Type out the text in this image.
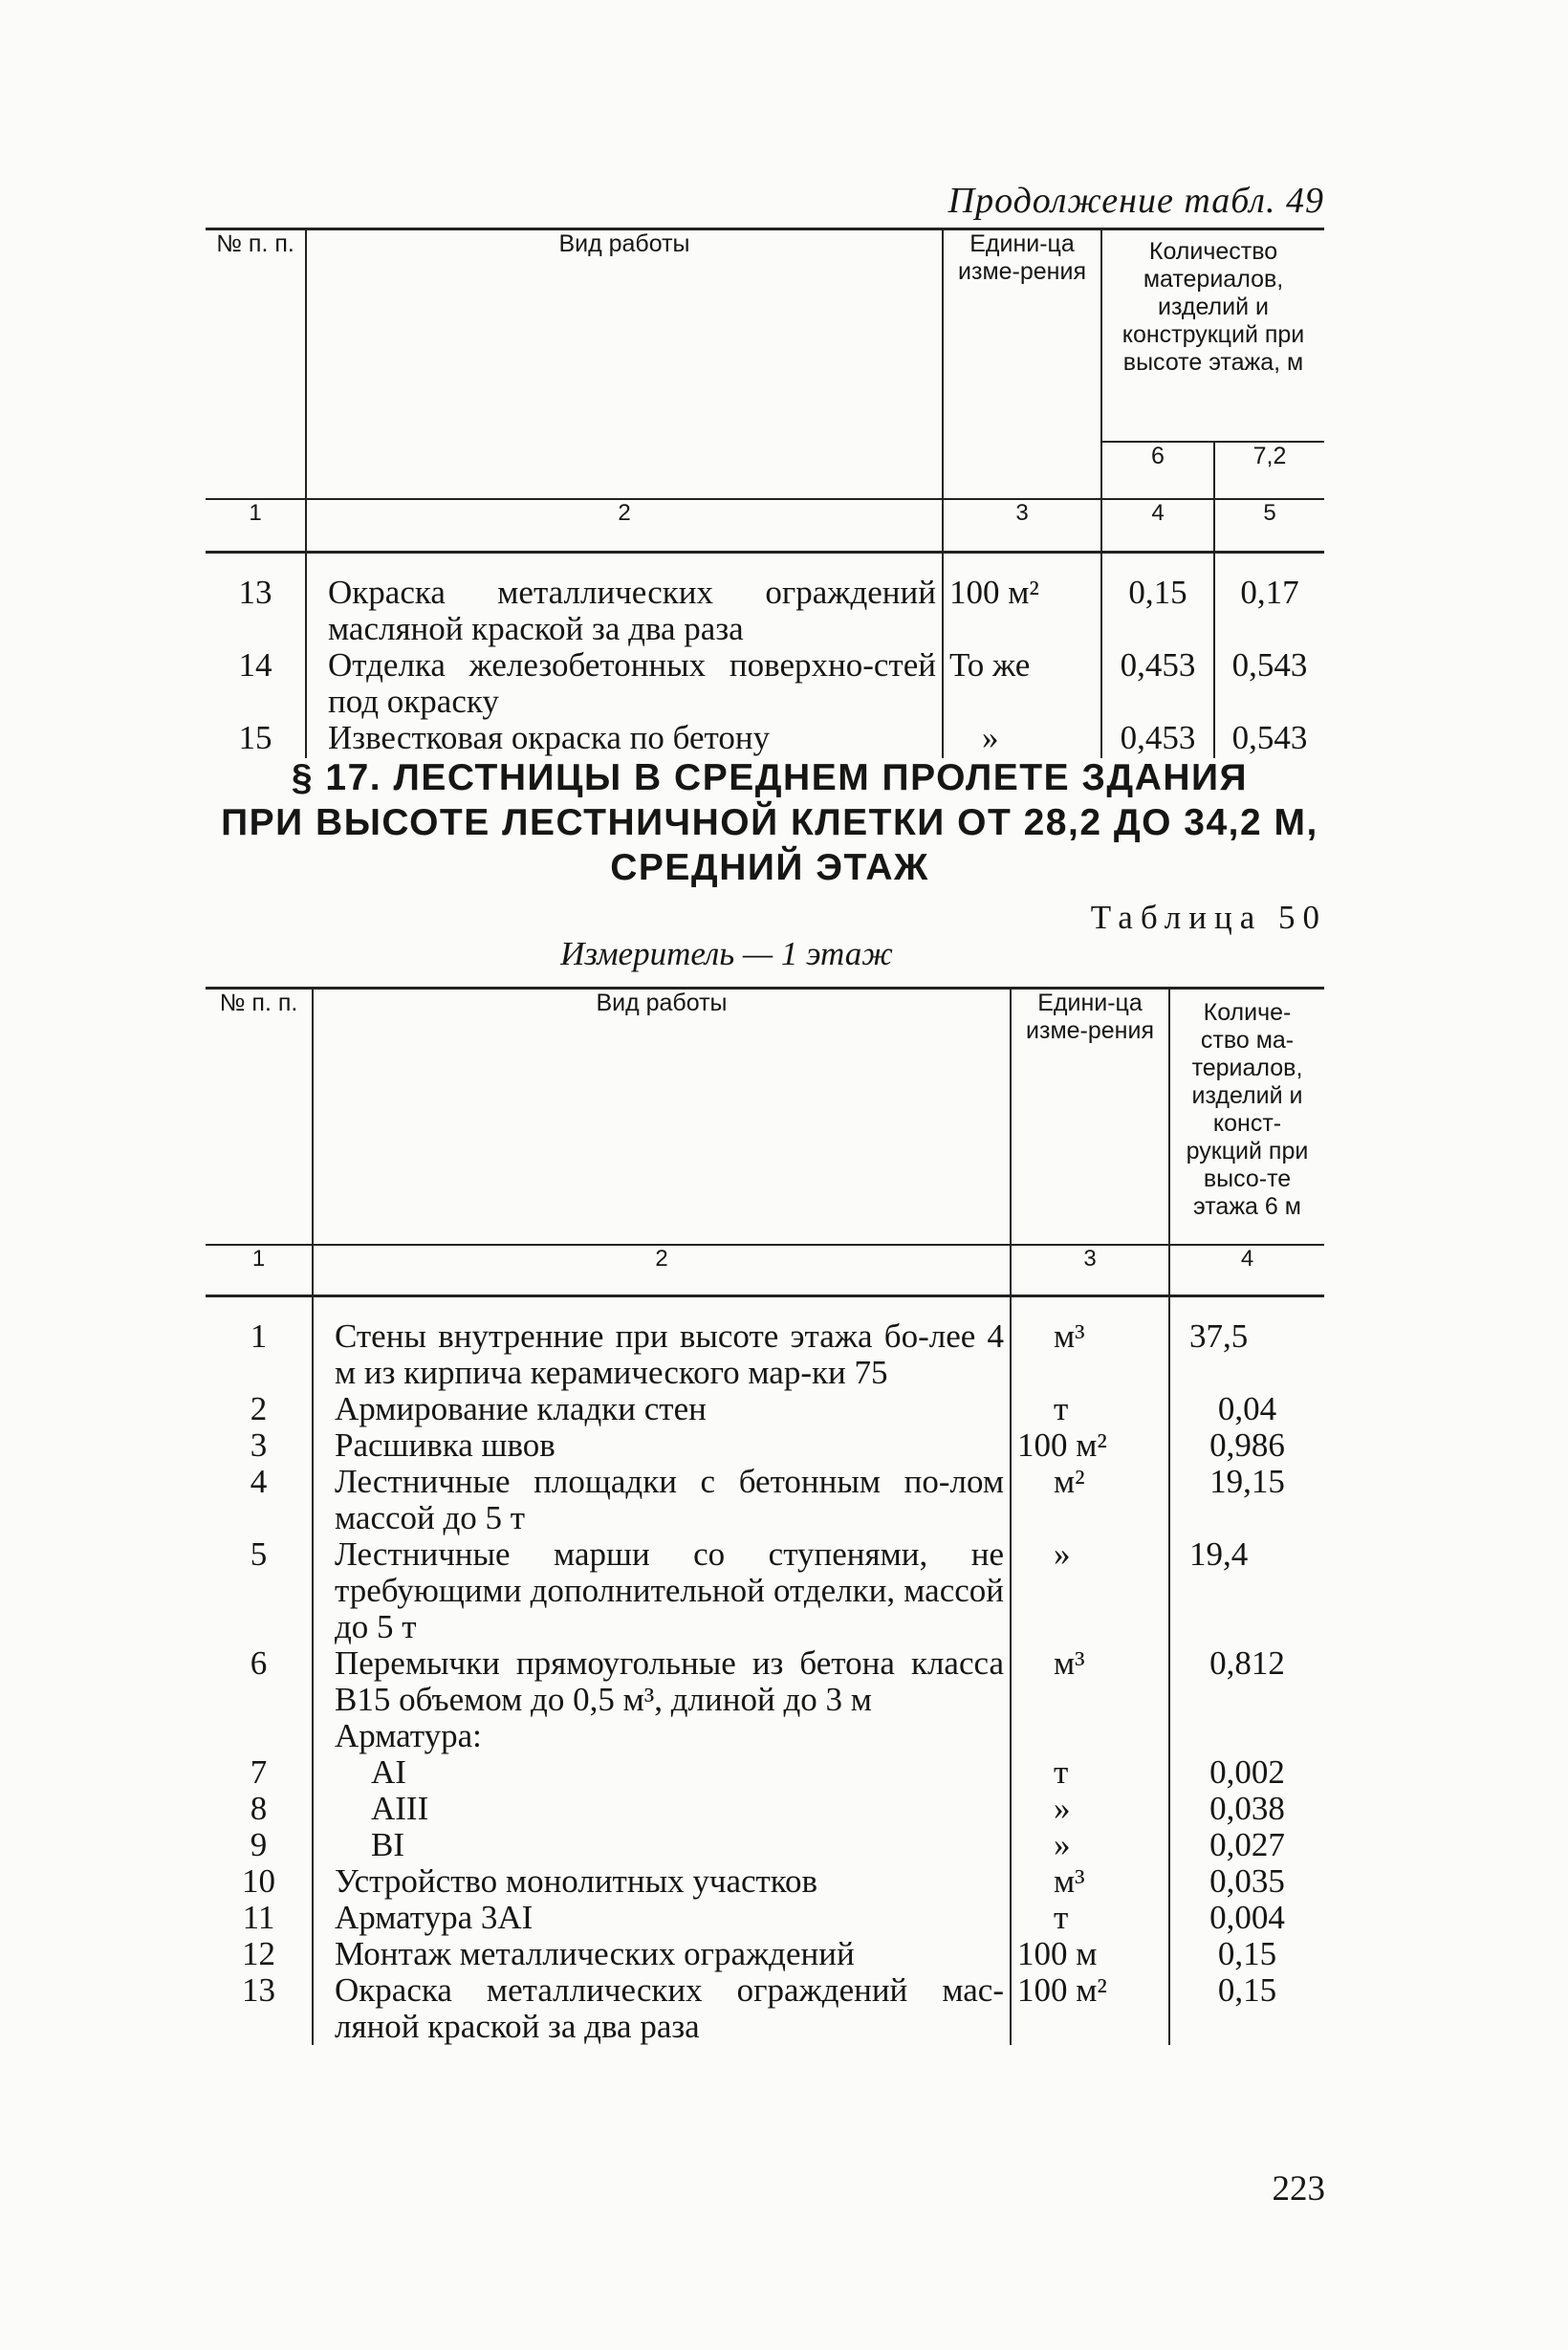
Продолжение табл. 49
№ п. п.	Вид работы	Едини-ца изме-рения	Количество материалов, изделий и конструкций при высоте этажа, м	
			6	7,2
1	2	3	4	5
13	Окраска металлических ограждений масляной краской за два раза	100 м²	0,15	0,17
14	Отделка железобетонных поверхно-стей под окраску	То же	0,453	0,543
15	Известковая окраска по бетону	»	0,453	0,543
§ 17. ЛЕСТНИЦЫ В СРЕДНЕМ ПРОЛЕТЕ ЗДАНИЯ
ПРИ ВЫСОТЕ ЛЕСТНИЧНОЙ КЛЕТКИ ОТ 28,2 ДО 34,2 М,
СРЕДНИЙ ЭТАЖ
Таблица 50
Измеритель — 1 этаж
№ п. п.	Вид работы	Едини-ца изме-рения	Количе-ство ма-териалов, изделий и конст-рукций при высо-те этажа 6 м
1	2	3	4
1	Стены внутренние при высоте этажа бо-лее 4 м из кирпича керамического мар-ки 75	м³	37,5
2	Армирование кладки стен	т	0,04
3	Расшивка швов	100 м²	0,986
4	Лестничные площадки с бетонным по-лом массой до 5 т	м²	19,15
5	Лестничные марши со ступенями, не требующими дополнительной отделки, массой до 5 т	»	19,4
6	Перемычки прямоугольные из бетона класса В15 объемом до 0,5 м³, длиной до 3 м	м³	0,812
	Арматура:		
7	AI	т	0,002
8	AIII	»	0,038
9	BI	»	0,027
10	Устройство монолитных участков	м³	0,035
11	Арматура 3AI	т	0,004
12	Монтаж металлических ограждений	100 м	0,15
13	Окраска металлических ограждений мас-ляной краской за два раза	100 м²	0,15
223
